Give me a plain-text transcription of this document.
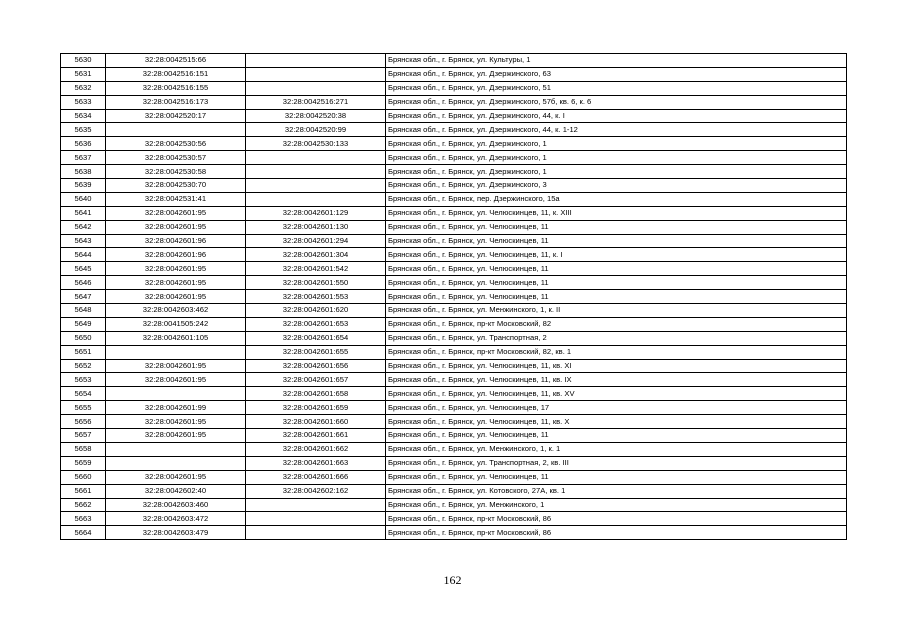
5630	32:28:0042515:66		Брянская обл., г. Брянск, ул. Культуры, 1
5631	32:28:0042516:151		Брянская обл., г. Брянск, ул. Дзержинского, 63
5632	32:28:0042516:155		Брянская обл., г. Брянск, ул. Дзержинского, 51
5633	32:28:0042516:173	32:28:0042516:271	Брянская обл., г. Брянск, ул. Дзержинского, 57б, кв. 6, к. 6
5634	32:28:0042520:17	32:28:0042520:38	Брянская обл., г. Брянск, ул. Дзержинского, 44, к. I
5635		32:28:0042520:99	Брянская обл., г. Брянск, ул. Дзержинского, 44, к. 1-12
5636	32:28:0042530:56	32:28:0042530:133	Брянская обл., г. Брянск, ул. Дзержинского, 1
5637	32:28:0042530:57		Брянская обл., г. Брянск, ул. Дзержинского, 1
5638	32:28:0042530:58		Брянская обл., г. Брянск, ул. Дзержинского, 1
5639	32:28:0042530:70		Брянская обл., г. Брянск, ул. Дзержинского, 3
5640	32:28:0042531:41		Брянская обл., г. Брянск, пер. Дзержинского, 15а
5641	32:28:0042601:95	32:28:0042601:129	Брянская обл., г. Брянск, ул. Челюскинцев, 11, к. XIII
5642	32:28:0042601:95	32:28:0042601:130	Брянская обл., г. Брянск, ул. Челюскинцев, 11
5643	32:28:0042601:96	32:28:0042601:294	Брянская обл., г. Брянск, ул. Челюскинцев, 11
5644	32:28:0042601:96	32:28:0042601:304	Брянская обл., г. Брянск, ул. Челюскинцев, 11, к. I
5645	32:28:0042601:95	32:28:0042601:542	Брянская обл., г. Брянск, ул. Челюскинцев, 11
5646	32:28:0042601:95	32:28:0042601:550	Брянская обл., г. Брянск, ул. Челюскинцев, 11
5647	32:28:0042601:95	32:28:0042601:553	Брянская обл., г. Брянск, ул. Челюскинцев, 11
5648	32:28:0042603:462	32:28:0042601:620	Брянская обл., г. Брянск, ул. Менжинского, 1, к. II
5649	32:28:0041505:242	32:28:0042601:653	Брянская обл., г. Брянск, пр-кт Московский, 82
5650	32:28:0042601:105	32:28:0042601:654	Брянская обл., г. Брянск, ул. Транспортная, 2
5651		32:28:0042601:655	Брянская обл., г. Брянск, пр-кт Московский, 82, кв. 1
5652	32:28:0042601:95	32:28:0042601:656	Брянская обл., г. Брянск, ул. Челюскинцев, 11, кв. XI
5653	32:28:0042601:95	32:28:0042601:657	Брянская обл., г. Брянск, ул. Челюскинцев, 11, кв. IX
5654		32:28:0042601:658	Брянская обл., г. Брянск, ул. Челюскинцев, 11, кв. XV
5655	32:28:0042601:99	32:28:0042601:659	Брянская обл., г. Брянск, ул. Челюскинцев, 17
5656	32:28:0042601:95	32:28:0042601:660	Брянская обл., г. Брянск, ул. Челюскинцев, 11, кв. X
5657	32:28:0042601:95	32:28:0042601:661	Брянская обл., г. Брянск, ул. Челюскинцев, 11
5658		32:28:0042601:662	Брянская обл., г. Брянск, ул. Менжинского, 1, к. 1
5659		32:28:0042601:663	Брянская обл., г. Брянск, ул. Транспортная, 2, кв. III
5660	32:28:0042601:95	32:28:0042601:666	Брянская обл., г. Брянск, ул. Челюскинцев, 11
5661	32:28:0042602:40	32:28:0042602:162	Брянская обл., г. Брянск, ул. Котовского, 27А, кв. 1
5662	32:28:0042603:460		Брянская обл., г. Брянск, ул. Менжинского, 1
5663	32:28:0042603:472		Брянская обл., г. Брянск, пр-кт Московский, 86
5664	32:28:0042603:479		Брянская обл., г. Брянск, пр-кт Московский, 86
162
